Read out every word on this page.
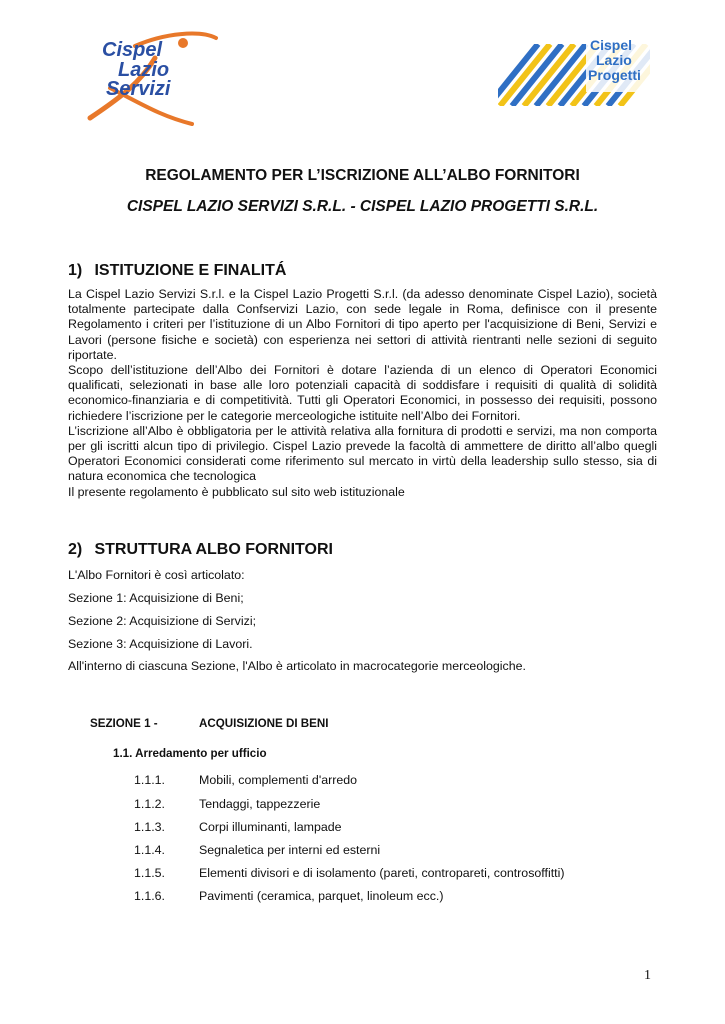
Cispel
Lazio
Servizi
Cispel
Lazio
Progetti
REGOLAMENTO PER L’ISCRIZIONE ALL’ALBO FORNITORI
CISPEL LAZIO SERVIZI S.R.L. - CISPEL LAZIO PROGETTI S.R.L.
1) ISTITUZIONE E FINALITÁ

La Cispel Lazio Servizi S.r.l. e la Cispel Lazio Progetti S.r.l. (da adesso denominate Cispel Lazio), società totalmente partecipate dalla Confservizi Lazio, con sede legale in Roma, definisce con il presente Regolamento i criteri per l’istituzione di un Albo Fornitori di tipo aperto per l'acquisizione di Beni, Servizi e Lavori (persone fisiche e società) con esperienza nei settori di attività rientranti nelle sezioni di seguito riportate.

Scopo dell’istituzione dell’Albo dei Fornitori è dotare l’azienda di un elenco di Operatori Economici qualificati, selezionati in base alle loro potenziali capacità di soddisfare i requisiti di qualità di solidità economico-finanziaria e di competitività. Tutti gli Operatori Economici, in possesso dei requisiti, possono richiedere l’iscrizione per le categorie merceologiche istituite nell’Albo dei Fornitori.

L’iscrizione all’Albo è obbligatoria per le attività relativa alla fornitura di prodotti e servizi, ma non comporta per gli iscritti alcun tipo di privilegio. Cispel Lazio prevede la facoltà di ammettere de diritto all’albo quegli Operatori Economici considerati come riferimento sul mercato in virtù della leadership sullo stesso, sia di natura economica che tecnologica

Il presente regolamento è pubblicato sul sito web istituzionale

2) STRUTTURA ALBO FORNITORI
L'Albo Fornitori è così articolato:
Sezione 1: Acquisizione di Beni;
Sezione 2: Acquisizione di Servizi;
Sezione 3: Acquisizione di Lavori.
All'interno di ciascuna Sezione, l'Albo è articolato in macrocategorie merceologiche.
SEZIONE 1 -	ACQUISIZIONE DI BENI
1.1. Arredamento per ufficio
1.1.1.	Mobili, complementi d'arredo
1.1.2.	Tendaggi, tappezzerie
1.1.3.	Corpi illuminanti, lampade
1.1.4.	Segnaletica per interni ed esterni
1.1.5.	Elementi divisori e di isolamento (pareti, contropareti, controsoffitti)
1.1.6.	Pavimenti (ceramica, parquet, linoleum ecc.)
1
